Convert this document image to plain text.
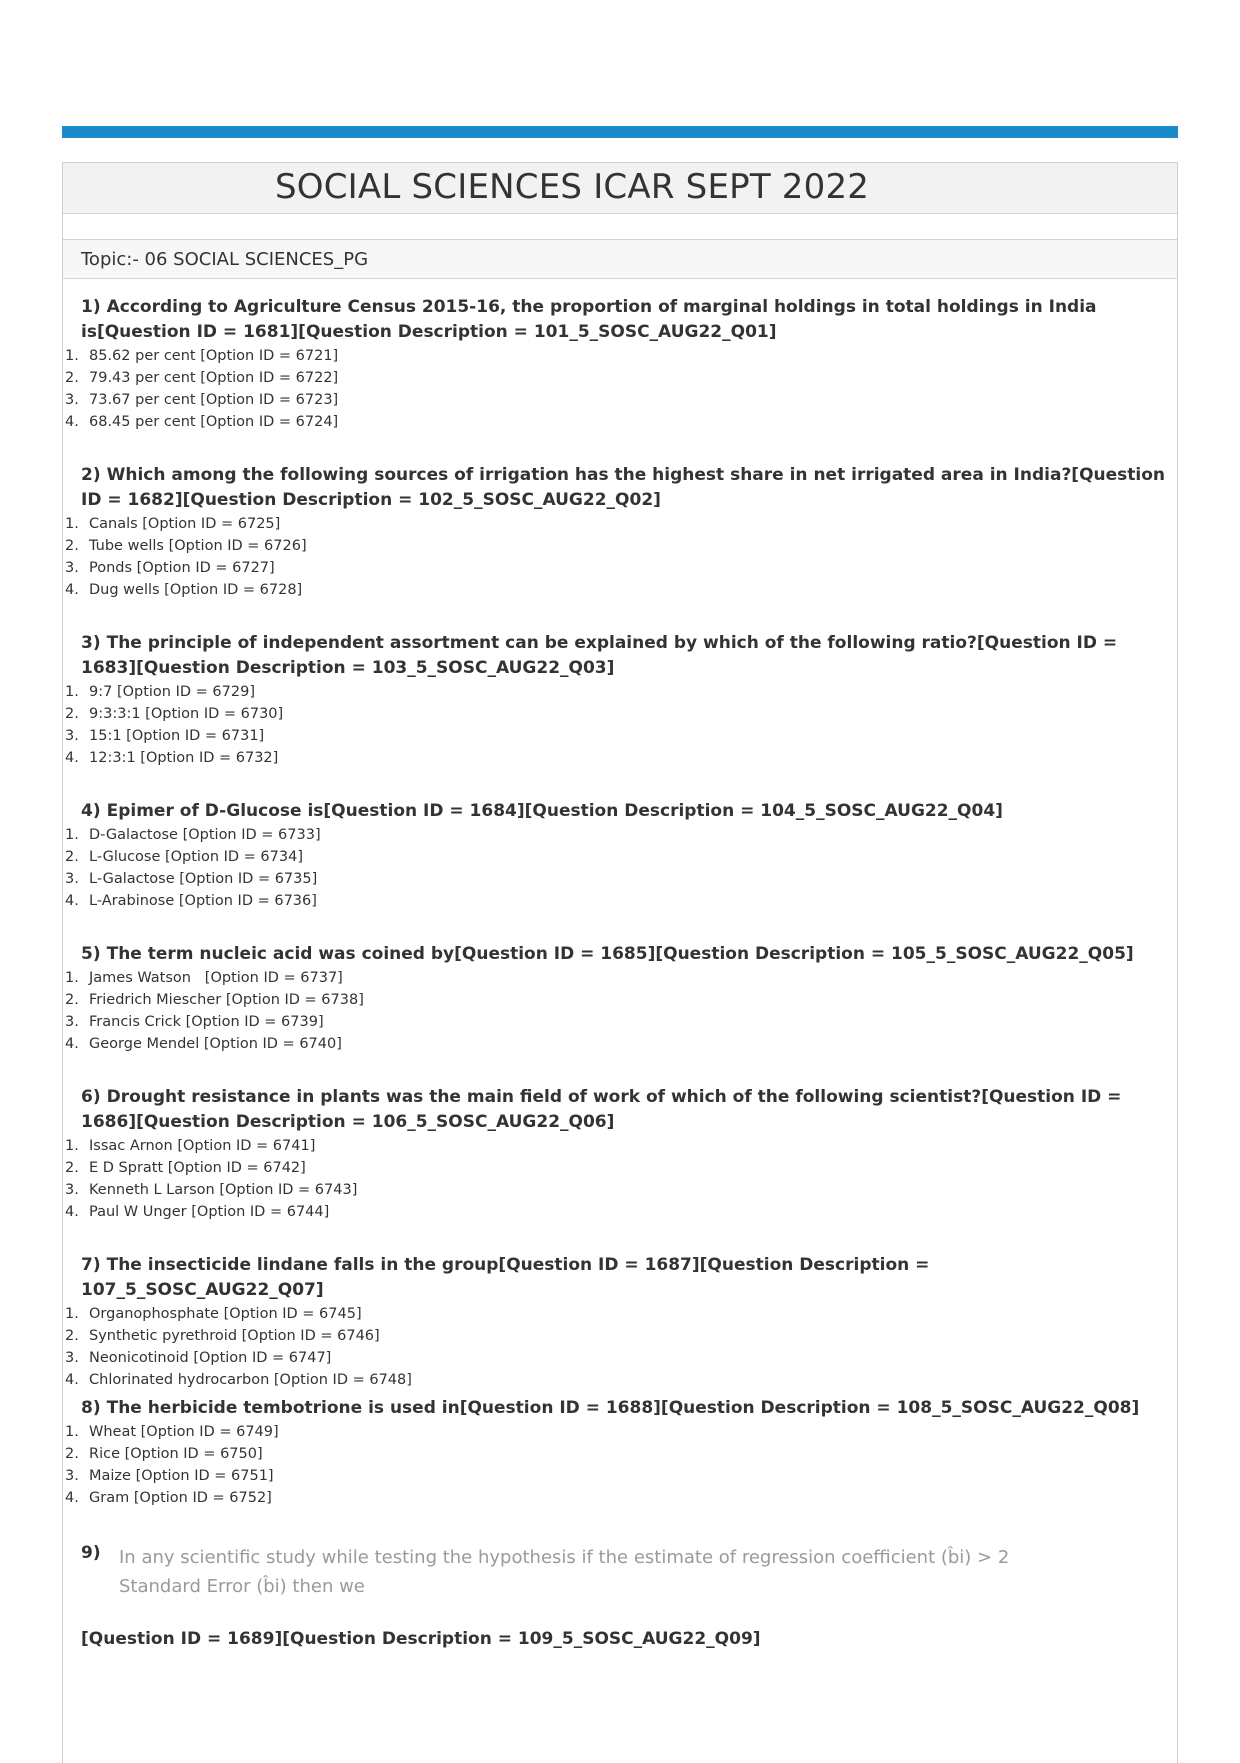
SOCIAL SCIENCES ICAR SEPT 2022
Topic:- 06 SOCIAL SCIENCES_PG

1) According to Agriculture Census 2015-16, the proportion of marginal holdings in total holdings in India is[Question ID = 1681][Question Description = 101_5_SOSC_AUG22_Q01]

1. 85.62 per cent [Option ID = 6721]
2. 79.43 per cent [Option ID = 6722]
3. 73.67 per cent [Option ID = 6723]
4. 68.45 per cent [Option ID = 6724]

2) Which among the following sources of irrigation has the highest share in net irrigated area in India?[Question ID = 1682][Question Description = 102_5_SOSC_AUG22_Q02]

1. Canals [Option ID = 6725]
2. Tube wells [Option ID = 6726]
3. Ponds [Option ID = 6727]
4. Dug wells [Option ID = 6728]

3) The principle of independent assortment can be explained by which of the following ratio?[Question ID = 1683][Question Description = 103_5_SOSC_AUG22_Q03]

1. 9:7 [Option ID = 6729]
2. 9:3:3:1 [Option ID = 6730]
3. 15:1 [Option ID = 6731]
4. 12:3:1 [Option ID = 6732]

4) Epimer of D-Glucose is[Question ID = 1684][Question Description = 104_5_SOSC_AUG22_Q04]

1. D-Galactose [Option ID = 6733]
2. L-Glucose [Option ID = 6734]
3. L-Galactose [Option ID = 6735]
4. L-Arabinose [Option ID = 6736]

5) The term nucleic acid was coined by[Question ID = 1685][Question Description = 105_5_SOSC_AUG22_Q05]

1. James Watson   [Option ID = 6737]
2. Friedrich Miescher [Option ID = 6738]
3. Francis Crick [Option ID = 6739]
4. George Mendel [Option ID = 6740]

6) Drought resistance in plants was the main field of work of which of the following scientist?[Question ID = 1686][Question Description = 106_5_SOSC_AUG22_Q06]

1. Issac Arnon [Option ID = 6741]
2. E D Spratt [Option ID = 6742]
3. Kenneth L Larson [Option ID = 6743]
4. Paul W Unger [Option ID = 6744]

7) The insecticide lindane falls in the group[Question ID = 1687][Question Description = 107_5_SOSC_AUG22_Q07]

1. Organophosphate [Option ID = 6745]
2. Synthetic pyrethroid [Option ID = 6746]
3. Neonicotinoid [Option ID = 6747]
4. Chlorinated hydrocarbon [Option ID = 6748]

8) The herbicide tembotrione is used in[Question ID = 1688][Question Description = 108_5_SOSC_AUG22_Q08]

1. Wheat [Option ID = 6749]
2. Rice [Option ID = 6750]
3. Maize [Option ID = 6751]
4. Gram [Option ID = 6752]
9) In any scientific study while testing the hypothesis if the estimate of regression coefficient (b̂i) > 2
Standard Error (b̂i) then we
[Question ID = 1689][Question Description = 109_5_SOSC_AUG22_Q09]
